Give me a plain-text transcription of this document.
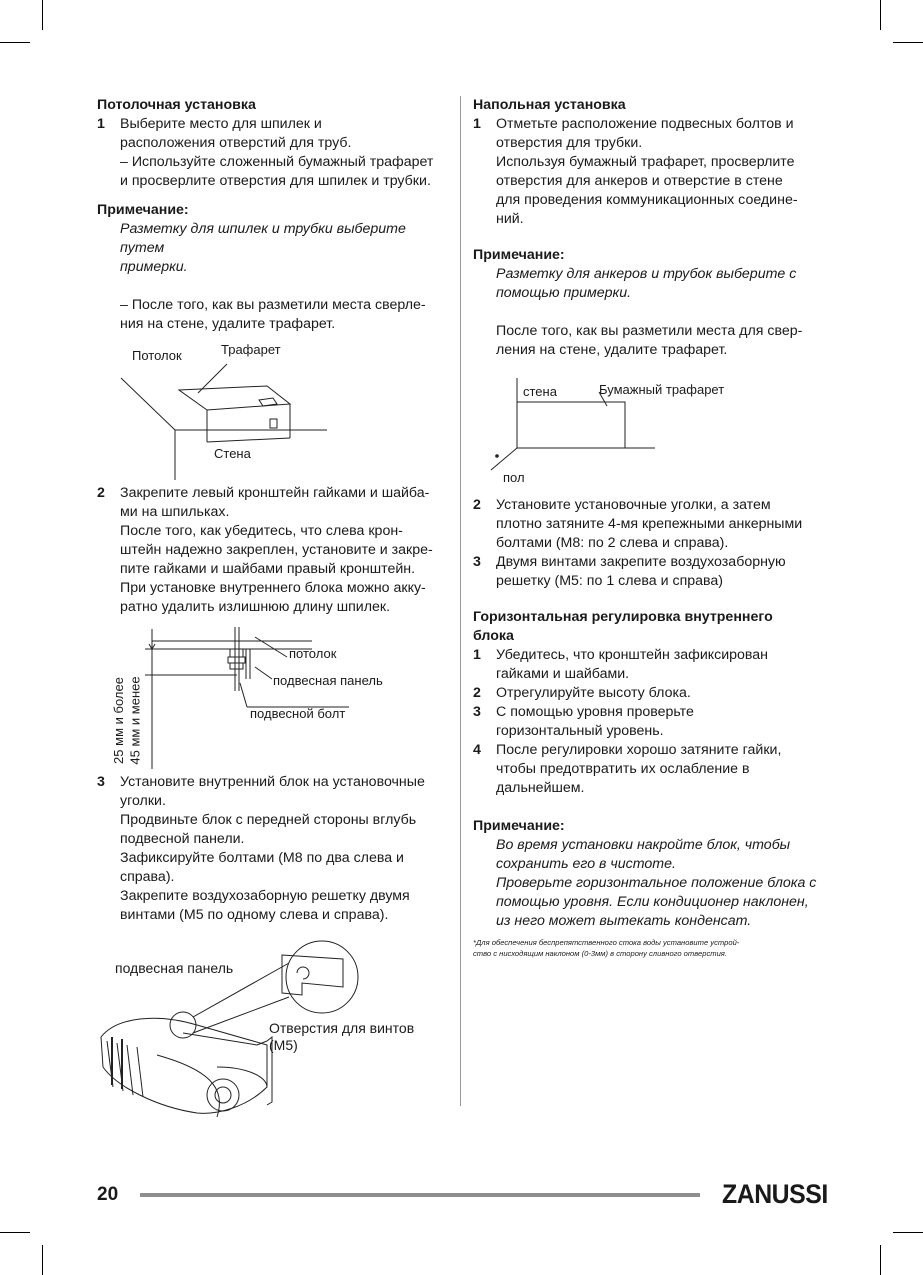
Потолочная установка
1 Выберите место для шпилек и

расположения отверстий для труб.

– Используйте сложенный бумажный трафарет

и просверлите отверстия для шпилек и трубки.

Примечание:

Разметку для шпилек и трубки выберите путем

примерки.

– После того, как вы разметили места сверле-

ния на стене, удалите трафарет.

Потолок	Трафарет
Стена
2 Закрепите левый кронштейн гайками и шайба-

ми на шпильках.

После того, как убедитесь, что слева крон-

штейн надежно закреплен, установите и закре-

пите гайками и шайбами правый кронштейн.

При установке внутреннего блока можно акку-

ратно удалить излишнюю длину шпилек.

потолок
подвесная панель
подвесной болт
25 мм и более 45 мм и менее
3 Установите внутренний блок на установочные

уголки.

Продвиньте блок с передней стороны вглубь

подвесной панели.

Зафиксируйте болтами (М8 по два слева и

справа).

Закрепите воздухозаборную решетку двумя

винтами (М5 по одному слева и справа).

подвесная панель
Отверстия для винтов
(M5)
Напольная установка
1 Отметьте расположение подвесных болтов и

отверстия для трубки.

Используя бумажный трафарет, просверлите

отверстия для анкеров и отверстие в стене

для проведения коммуникационных соедине-

ний.

Примечание:

Разметку для анкеров и трубок выберите с

помощью примерки.

После того, как вы разметили места для свер-

ления на стене, удалите трафарет.

стена	Бумажный трафарет
пол
2 Установите установочные уголки, а затем

плотно затяните 4-мя крепежными анкерными

болтами (M8: по 2 слева и справа).

3 Двумя винтами закрепите воздухозаборную

решетку (M5: по 1 слева и справа)

Горизонтальная регулировка внутреннего
блока
1 Убедитесь, что кронштейн зафиксирован

гайками и шайбами.

2 Отрегулируйте высоту блока.

3 С помощью уровня проверьте

горизонтальный уровень.

4 После регулировки хорошо затяните гайки,

чтобы предотвратить их ослабление в

дальнейшем.

Примечание:

Во время установки накройте блок, чтобы

сохранить его в чистоте.

Проверьте горизонтальное положение блока с

помощью уровня. Если кондиционер наклонен,

из него может вытекать конденсат.

*Для обеспечения беспрепятственного стока воды установите устрой-

ство с нисходящим наклоном (0-3мм) в сторону сливного отверстия.

20	ZANUSSI
